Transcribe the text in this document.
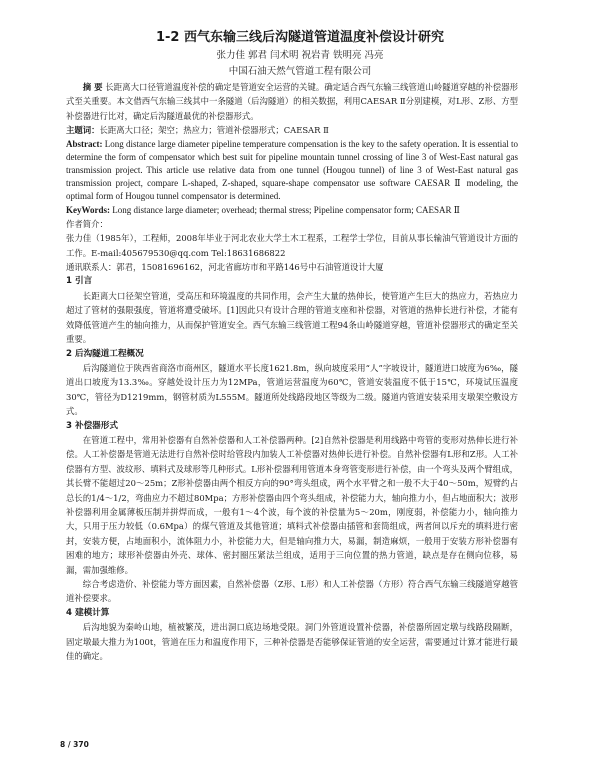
1-2 西气东输三线后沟隧道管道温度补偿设计研究
张力佳 郭君 闫术明 祝岩青 铁明亮 冯亮
中国石油天然气管道工程有限公司

摘 要 长距离大口径管道温度补偿的确定是管道安全运营的关键。确定适合西气东输三线管道山岭隧道穿越的补偿器形式至关重要。本文借西气东输三线其中一条隧道（后沟隧道）的相关数据，利用CAESAR Ⅱ分别建模，对L形、Z形、方型补偿器进行比对，确定后沟隧道最优的补偿器形式。

主题词：长距离大口径；架空；热应力；管道补偿器形式；CAESAR Ⅱ

Abstract: Long distance large diameter pipeline temperature compensation is the key to the safety operation. It is essential to determine the form of compensator which best suit for pipeline mountain tunnel crossing of line 3 of West-East natural gas transmission project. This article use relative data from one tunnel (Hougou tunnel) of line 3 of West-East natural gas transmission project, compare L-shaped, Z-shaped, square-shape compensator use software CAESAR Ⅱ modeling, the optimal form of Hougou tunnel compensator is determined.

KeyWords: Long distance large diameter; overhead; thermal stress; Pipeline compensator form; CAESAR Ⅱ

作者简介：

张力佳（1985年），工程师，2008年毕业于河北农业大学土木工程系，工程学士学位，目前从事长输油气管道设计方面的工作。E-mail:405679530@qq.com Tel:18631686822

通讯联系人：郭君，15081696162，河北省廊坊市和平路146号中石油管道设计大厦

1 引言

长距离大口径架空管道，受高压和环境温度的共同作用，会产生大量的热伸长，使管道产生巨大的热应力，若热应力超过了管材的强限强度，管道将遭受破坏。[1]因此只有设计合理的管道支座和补偿器，对管道的热伸长进行补偿，才能有效降低管道产生的轴向推力，从而保护管道安全。西气东输三线管道工程94条山岭隧道穿越，管道补偿器形式的确定至关重要。

2 后沟隧道工程概况

后沟隧道位于陕西省商洛市商州区，隧道水平长度1621.8m，纵向坡度采用“人”字坡设计，隧道进口坡度为6‰，隧道出口坡度为13.3‰。穿越处设计压力为12MPa，管道运营温度为60℃，管道安装温度不低于15℃，环境试压温度30℃，管径为D1219mm，钢管材质为L555M。隧道所处线路段地区等级为二级。隧道内管道安装采用支墩架空敷设方式。

3 补偿器形式

在管道工程中，常用补偿器有自然补偿器和人工补偿器两种。[2]自然补偿器是利用线路中弯管的变形对热伸长进行补偿。人工补偿器是管道无法进行自然补偿时给管段内加装人工补偿器对热伸长进行补偿。自然补偿器有L形和Z形。人工补偿器有方型、波纹形、填料式及球形等几种形式。L形补偿器利用管道本身弯管变形进行补偿，由一个弯头及两个臂组成，其长臂不能超过20～25m；Z形补偿器由两个相反方向的90°弯头组成，两个水平臂之和一般不大于40～50m，短臂约占总长的1/4～1/2，弯曲应力不超过80Mpa；方形补偿器由四个弯头组成，补偿能力大，轴向推力小，但占地面积大；波形补偿器利用金属薄板压制并拼焊而成，一般有1～4个波，每个波的补偿量为5～20m，刚度弱，补偿能力小，轴向推力大，只用于压力较低（0.6Mpa）的煤气管道及其他管道；填料式补偿器由插管和套筒组成，两者间以斥充的填料进行密封，安装方便，占地面积小，流体阻力小，补偿能力大，但是轴向推力大，易漏，制造麻烦，一般用于安装方形补偿器有困难的地方；球形补偿器由外壳、球体、密封圈压紧法兰组成，适用于三向位置的热力管道，缺点是存在侧向位移，易漏，需加强维修。

综合考虑造价、补偿能力等方面因素，自然补偿器（Z形、L形）和人工补偿器（方形）符合西气东输三线隧道穿越管道补偿要求。

4 建模计算

后沟地貌为秦岭山地，植被繁茂，进出洞口底边场地受限。洞门外管道设置补偿器，补偿器所固定墩与线路段隔断，固定墩最大推力为100t，管道在压力和温度作用下，三种补偿器是否能够保证管道的安全运营，需要通过计算才能进行最佳的确定。

8 / 370
